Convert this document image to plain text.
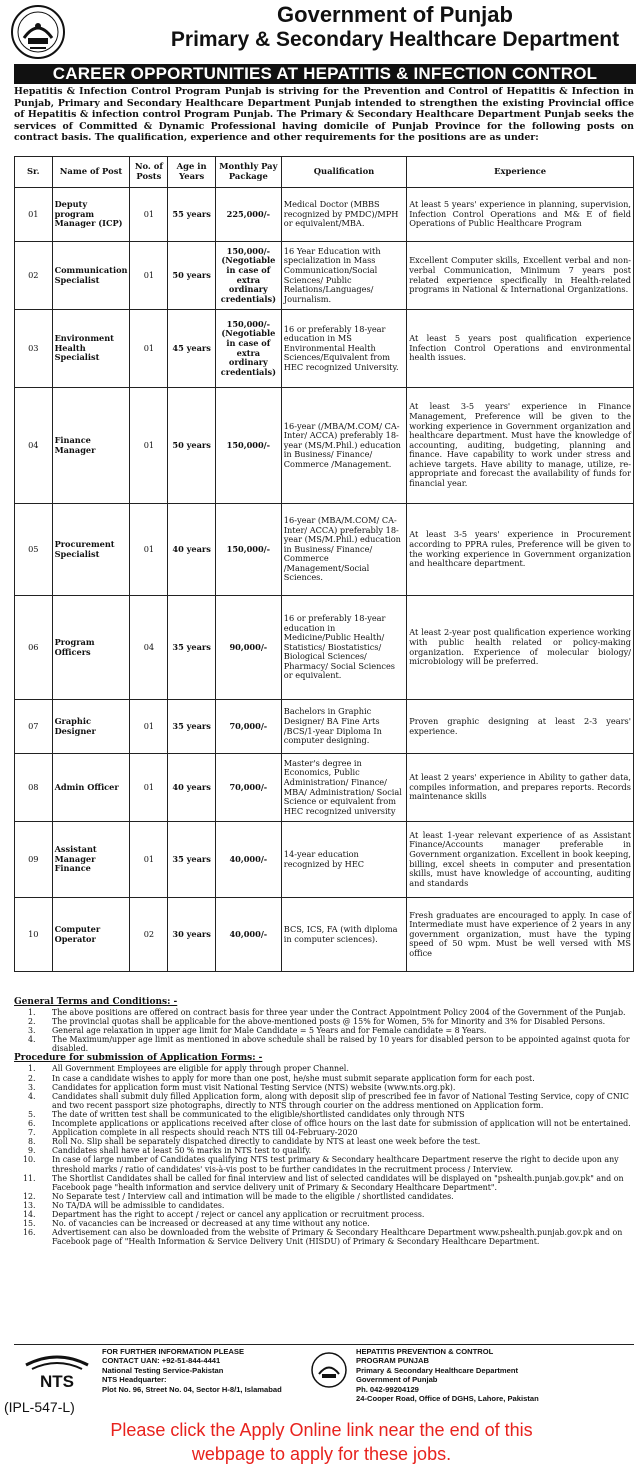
Government of Punjab
Primary & Secondary Healthcare Department
CAREER OPPORTUNITIES AT HEPATITIS & INFECTION CONTROL
Hepatitis & Infection Control Program Punjab is striving for the Prevention and Control of Hepatitis & Infection in Punjab, Primary and Secondary Healthcare Department Punjab intended to strengthen the existing Provincial office of Hepatitis & infection control Program Punjab. The Primary & Secondary Healthcare Department Punjab seeks the services of Committed & Dynamic Professional having domicile of Punjab Province for the following posts on contract basis. The qualification, experience and other requirements for the positions are as under:
Sr.	Name of Post	No. of Posts	Age in Years	Monthly Pay Package	Qualification	Experience
01	Deputy program Manager (ICP)	01	55 years	225,000/-	Medical Doctor (MBBS recognized by PMDC)/MPH or equivalent/MBA.	At least 5 years' experience in planning, supervision, Infection Control Operations and M& E of field Operations of Public Healthcare Program
02	Communication Specialist	01	50 years	150,000/- (Negotiable in case of extra ordinary credentials)	16 Year Education with specialization in Mass Communication/Social Sciences/ Public Relations/Languages/ Journalism.	Excellent Computer skills, Excellent verbal and non-verbal Communication, Minimum 7 years post related experience specifically in Health-related programs in National & International Organizations.
03	Environment Health Specialist	01	45 years	150,000/- (Negotiable in case of extra ordinary credentials)	16 or preferably 18-year education in MS Environmental Health Sciences/Equivalent from HEC recognized University.	At least 5 years post qualification experience Infection Control Operations and environmental health issues.
04	Finance Manager	01	50 years	150,000/-	16-year (/MBA/M.COM/ CA-Inter/ ACCA) preferably 18-year (MS/M.Phil.) education in Business/ Finance/ Commerce /Management.	At least 3-5 years' experience in Finance Management, Preference will be given to the working experience in Government organization and healthcare department. Must have the knowledge of accounting, auditing, budgeting, planning and finance. Have capability to work under stress and achieve targets. Have ability to manage, utilize, re-appropriate and forecast the availability of funds for financial year.
05	Procurement Specialist	01	40 years	150,000/-	16-year (MBA/M.COM/ CA-Inter/ ACCA) preferably 18-year (MS/M.Phil.) education in Business/ Finance/ Commerce /Management/Social Sciences.	At least 3-5 years' experience in Procurement according to PPRA rules, Preference will be given to the working experience in Government organization and healthcare department.
06	Program Officers	04	35 years	90,000/-	16 or preferably 18-year education in Medicine/Public Health/ Statistics/ Biostatistics/ Biological Sciences/ Pharmacy/ Social Sciences or equivalent.	At least 2-year post qualification experience working with public health related or policy-making organization. Experience of molecular biology/ microbiology will be preferred.
07	Graphic Designer	01	35 years	70,000/-	Bachelors in Graphic Designer/ BA Fine Arts /BCS/1-year Diploma In computer designing.	Proven graphic designing at least 2-3 years' experience.
08	Admin Officer	01	40 years	70,000/-	Master's degree in Economics, Public Administration/ Finance/ MBA/ Administration/ Social Science or equivalent from HEC recognized university	At least 2 years' experience in Ability to gather data, compiles information, and prepares reports. Records maintenance skills
09	Assistant Manager Finance	01	35 years	40,000/-	14-year education recognized by HEC	At least 1-year relevant experience of as Assistant Finance/Accounts manager preferable in Government organization. Excellent in book keeping, billing, excel sheets in computer and presentation skills, must have knowledge of accounting, auditing and standards
10	Computer Operator	02	30 years	40,000/-	BCS, ICS, FA (with diploma in computer sciences).	Fresh graduates are encouraged to apply. In case of Intermediate must have experience of 2 years in any government organization, must have the typing speed of 50 wpm. Must be well versed with MS office
General Terms and Conditions: -
1. The above positions are offered on contract basis for three year under the Contract Appointment Policy 2004 of the Government of the Punjab.
2. The provincial quotas shall be applicable for the above-mentioned posts @ 15% for Women, 5% for Minority and 3% for Disabled Persons.
3. General age relaxation in upper age limit for Male Candidate = 5 Years and for Female candidate = 8 Years.
4. The Maximum/upper age limit as mentioned in above schedule shall be raised by 10 years for disabled person to be appointed against quota for disabled.
Procedure for submission of Application Forms: -
1. All Government Employees are eligible for apply through proper Channel.
2. In case a candidate wishes to apply for more than one post, he/she must submit separate application form for each post.
3. Candidates for application form must visit National Testing Service (NTS) website (www.nts.org.pk).
4. Candidates shall submit duly filled Application form, along with deposit slip of prescribed fee in favor of National Testing Service, copy of CNIC and two recent passport size photographs, directly to NTS through courier on the address mentioned on Application form.
5. The date of written test shall be communicated to the eligible/shortlisted candidates only through NTS
6. Incomplete applications or applications received after close of office hours on the last date for submission of application will not be entertained.
7. Application complete in all respects should reach NTS till 04-February-2020
8. Roll No. Slip shall be separately dispatched directly to candidate by NTS at least one week before the test.
9. Candidates shall have at least 50 % marks in NTS test to qualify.
10. In case of large number of Candidates qualifying NTS test primary & Secondary healthcare Department reserve the right to decide upon any threshold marks / ratio of candidates' vis-à-vis post to be further candidates in the recruitment process / Interview.
11. The Shortlist Candidates shall be called for final interview and list of selected candidates will be displayed on "pshealth.punjab.gov.pk" and on Facebook page "health information and service delivery unit of Primary & Secondary Healthcare Department".
12. No Separate test / Interview call and intimation will be made to the eligible / shortlisted candidates.
13. No TA/DA will be admissible to candidates.
14. Department has the right to accept / reject or cancel any application or recruitment process.
15. No. of vacancies can be increased or decreased at any time without any notice.
16. Advertisement can also be downloaded from the website of Primary & Secondary Healthcare Department www.pshealth.punjab.gov.pk and on Facebook page of "Health Information & Service Delivery Unit (HISDU) of Primary & Secondary Healthcare Department.
NTS
FOR FURTHER INFORMATION PLEASE
CONTACT UAN: +92-51-844-4441
National Testing Service-Pakistan
NTS Headquarter:
Plot No. 96, Street No. 04, Sector H-8/1, Islamabad
HEPATITIS PREVENTION & CONTROL
PROGRAM PUNJAB
Primary & Secondary Healthcare Department
Government of Punjab
Ph. 042-99204129
24-Cooper Road, Office of DGHS, Lahore, Pakistan
(IPL-547-L)
Please click the Apply Online link near the end of this
webpage to apply for these jobs.
